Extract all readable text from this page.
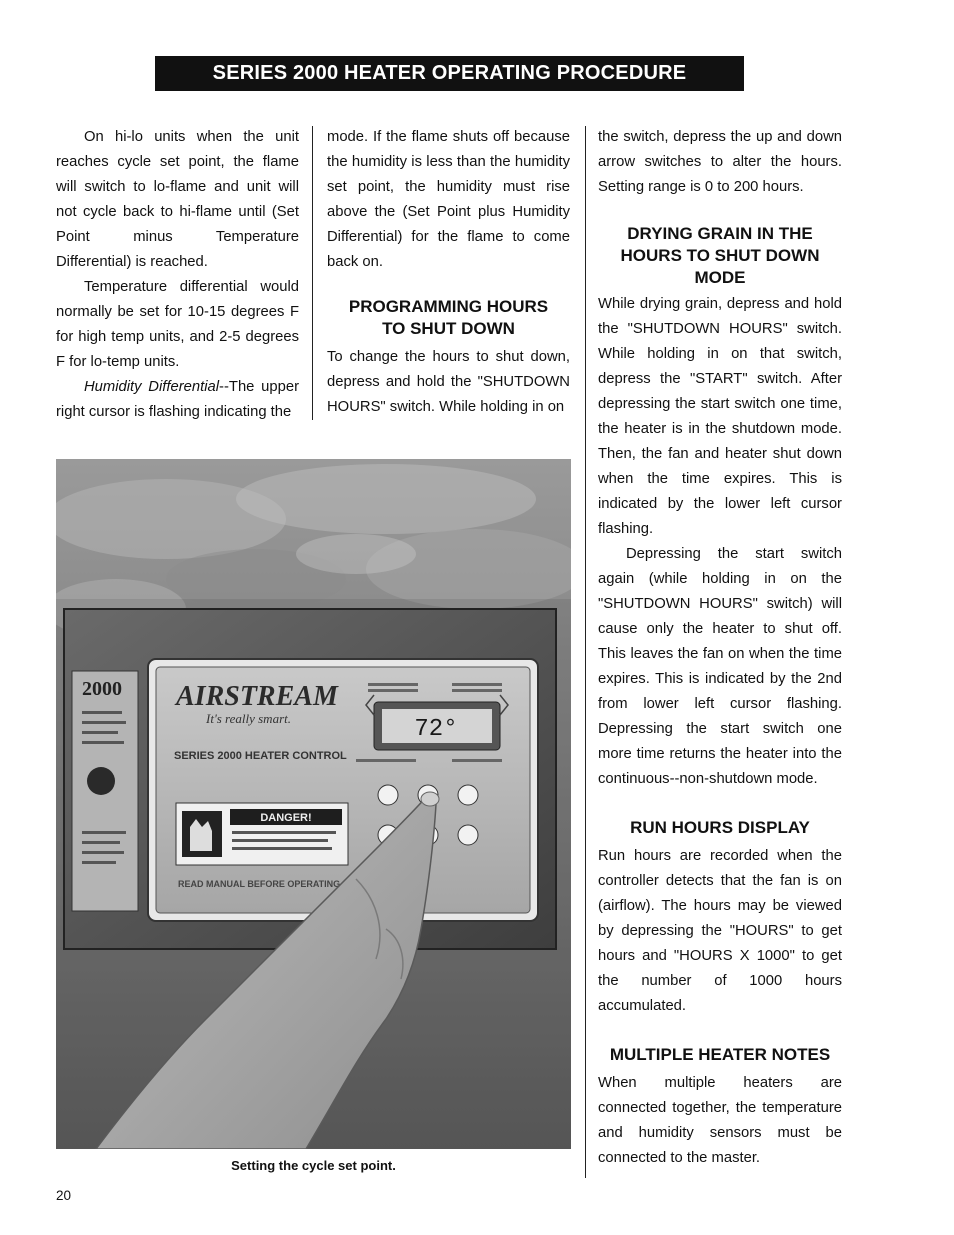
SERIES 2000 HEATER OPERATING PROCEDURE

On hi-lo units when the unit reaches cycle set point, the flame will switch to lo-flame and unit will not cycle back to hi-flame until (Set Point minus Temperature Differential) is reached.

Temperature differential would normally be set for 10-15 degrees F for high temp units, and 2-5 degrees F for lo-temp units.

Humidity Differential--The upper right cursor is flashing indicating the

mode. If the flame shuts off because the humidity is less than the humidity set point, the humidity must rise above the (Set Point plus Humidity Differential) for the flame to come back on.

PROGRAMMING HOURS TO SHUT DOWN

To change the hours to shut down, depress and hold the "SHUTDOWN HOURS" switch. While holding in on

the switch, depress the up and down arrow switches to alter the hours. Setting range is 0 to 200 hours.

DRYING GRAIN IN THE HOURS TO SHUT DOWN MODE

While drying grain, depress and hold the "SHUTDOWN HOURS" switch. While holding in on that switch, depress the "START" switch. After depressing the start switch one time, the heater is in the shutdown mode. Then, the fan and heater shut down when the time expires. This is indicated by the lower left cursor flashing.

Depressing the start switch again (while holding in on the "SHUTDOWN HOURS" switch) will cause only the heater to shut off. This leaves the fan on when the time expires. This is indicated by the 2nd from lower left cursor flashing. Depressing the start switch one more time returns the heater into the continuous--non-shutdown mode.

RUN HOURS DISPLAY

Run hours are recorded when the controller detects that the fan is on (airflow). The hours may be viewed by depressing the "HOURS" to get hours and "HOURS X 1000" to get the number of 1000 hours accumulated.

MULTIPLE HEATER NOTES

When multiple heaters are connected together, the temperature and humidity sensors must be connected to the master.

2000 AIRSTREAM
It's really smart.
SERIES 2000 HEATER CONTROL
72°
DANGER!
READ MANUAL BEFORE OPERATING
Setting the cycle set point.
20
